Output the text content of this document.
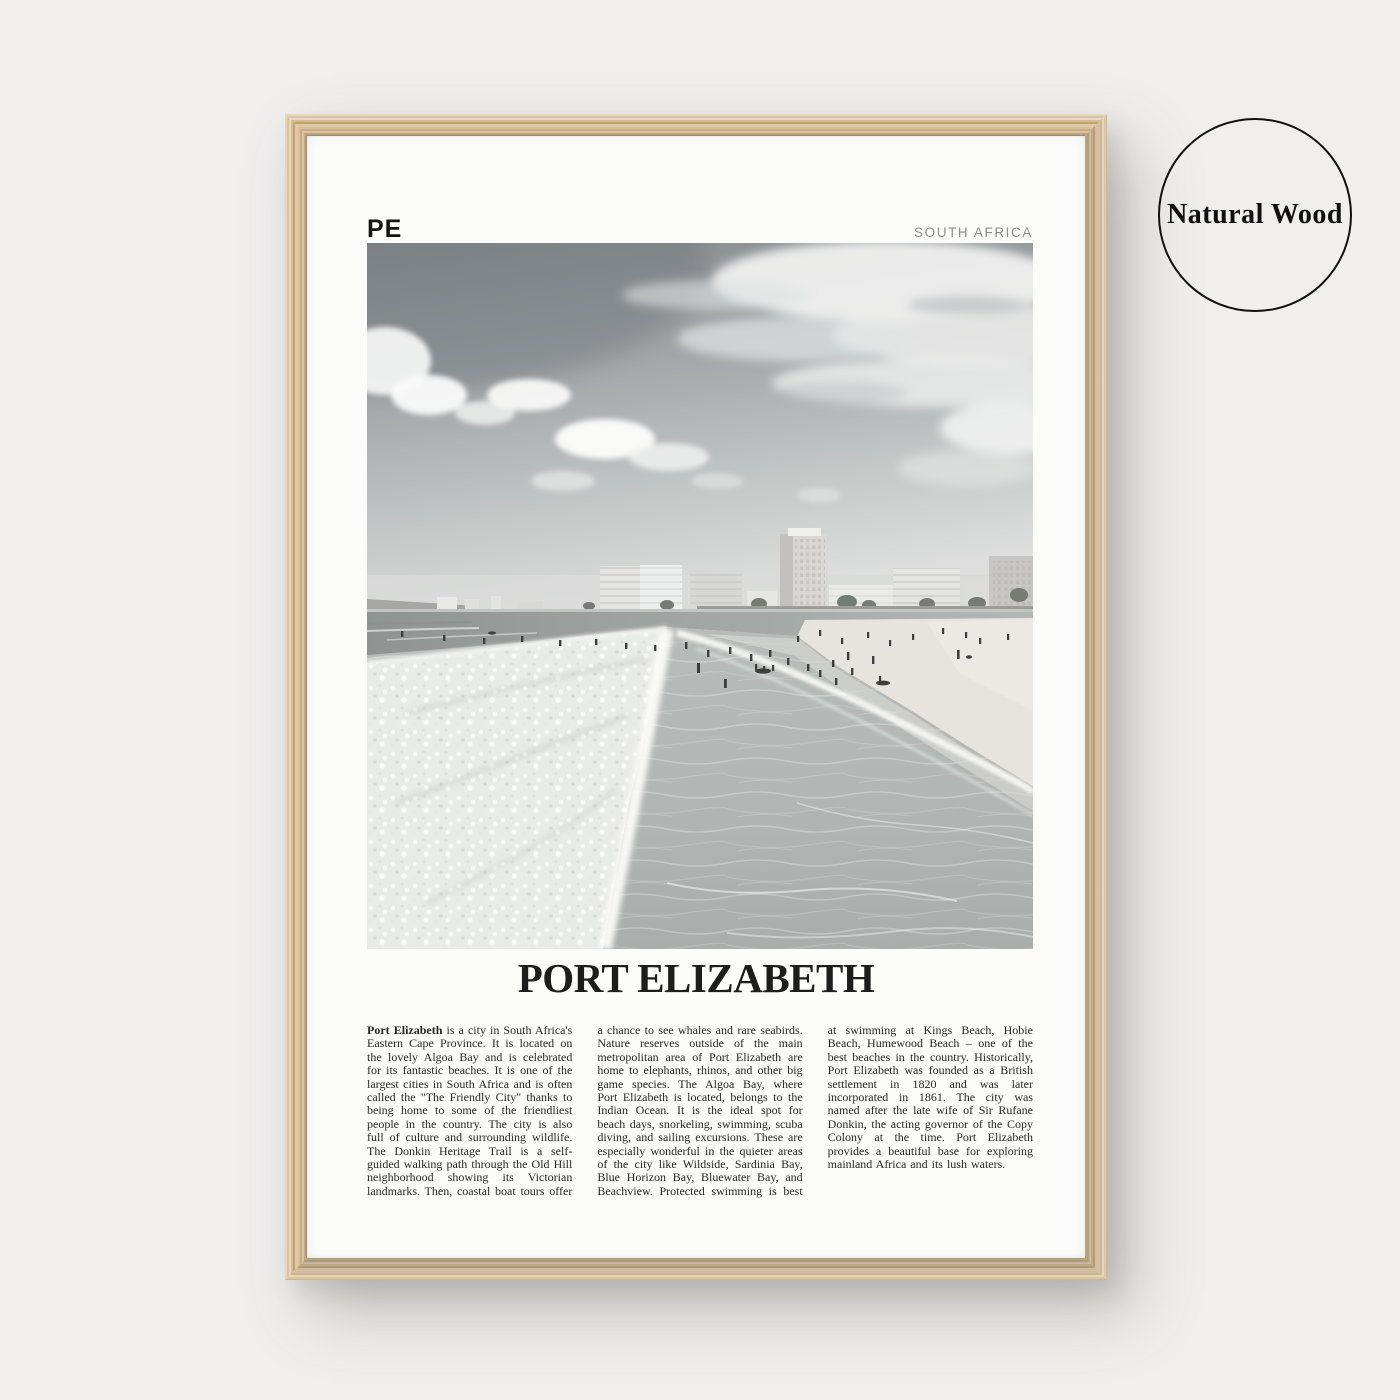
PE	SOUTH AFRICA
PORT ELIZABETH
Port Elizabeth is a city in South Africa's Eastern Cape Province. It is located on the lovely Algoa Bay and is celebrated for its fantastic beaches. It is one of the largest cities in South Africa and is often called the "The Friendly City" thanks to being home to some of the friendliest people in the country. The city is also full of culture and surrounding wildlife. The Donkin Heritage Trail is a self-guided walking path through the Old Hill neighborhood showing its Victorian landmarks. Then, coastal boat tours offer a chance to see whales and rare seabirds. Nature reserves outside of the main metropolitan area of Port Elizabeth are home to elephants, rhinos, and other big game species. The Algoa Bay, where Port Elizabeth is located, belongs to the Indian Ocean. It is the ideal spot for beach days, snorkeling, swimming, scuba diving, and sailing excursions. These are especially wonderful in the quieter areas of the city like Wildside, Sardinia Bay, Blue Horizon Bay, Bluewater Bay, and Beachview. Protected swimming is best at swimming at Kings Beach, Hobie Beach, Humewood Beach – one of the best beaches in the country. Historically, Port Elizabeth was founded as a British settlement in 1820 and was later incorporated in 1861. The city was named after the late wife of Sir Rufane Donkin, the acting governor of the Copy Colony at the time. Port Elizabeth provides a beautiful base for exploring mainland Africa and its lush waters.
Natural Wood
